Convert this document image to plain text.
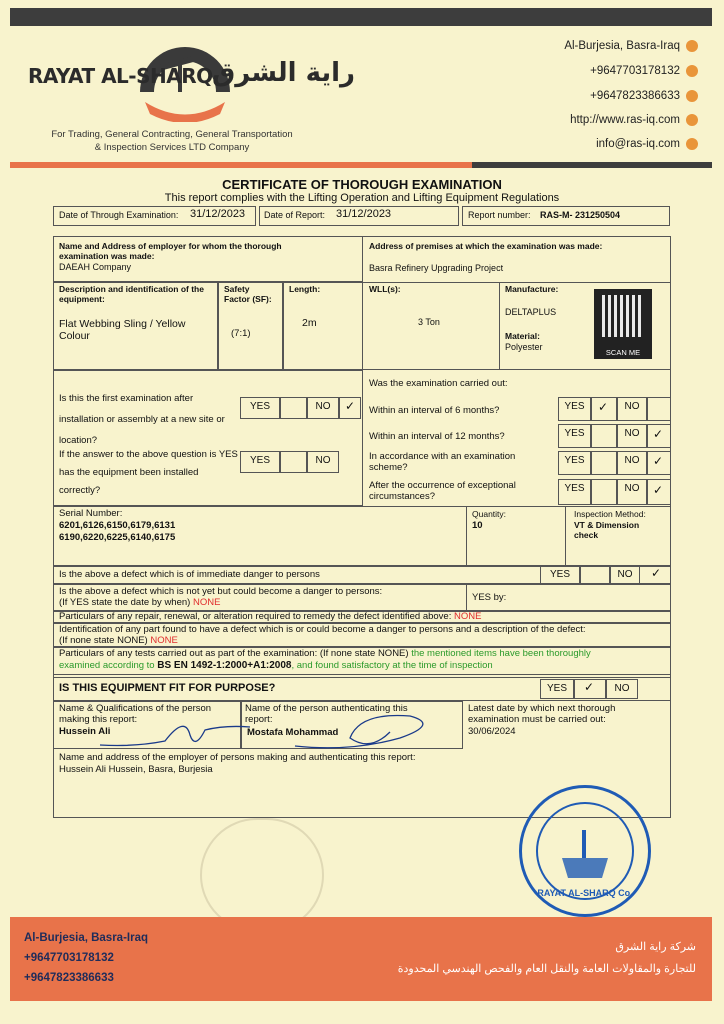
RAYAT AL-SHARQ راية الشرق
For Trading, General Contracting, General Transportation
& Inspection Services LTD Company
Al-Burjesia, Basra-Iraq
+9647703178132
+9647823386633
http://www.ras-iq.com
info@ras-iq.com
CERTIFICATE OF THOROUGH EXAMINATION
This report complies with the Lifting Operation and Lifting Equipment Regulations
Date of Through Examination: 31/12/2023 Date of Report: 31/12/2023	Report number: RAS-M- 231250504
Name and Address of employer for whom the thorough examination was made:
DAEAH Company
Address of premises at which the examination was made:
Basra Refinery Upgrading Project
Description and identification of the equipment:
Flat Webbing Sling / Yellow Colour
Safety Factor (SF):
(7:1)
Length:
2m
WLL(s):
3 Ton
Manufacture:
DELTAPLUS
Material:
Polyester
SCAN ME
Is this the first examination after installation or assembly at a new site or location?
YES	NO	✓
If the answer to the above question is YES has the equipment been installed correctly?
YES	NO
Was the examination carried out:
Within an interval of 6 months?	YES	✓	NO
Within an interval of 12 months?	YES	NO	✓
In accordance with an examination scheme?
YES	NO	✓
After the occurrence of exceptional circumstances?
YES	NO	✓
Serial Number:
6201,6126,6150,6179,6131
6190,6220,6225,6140,6175
Quantity:
10
Inspection Method:
VT & Dimension check
Is the above a defect which is of immediate danger to persons	YES	NO	✓
Is the above a defect which is not yet but could become a danger to persons:
(If YES state the date by when) NONE	YES by:
Particulars of any repair, renewal, or alteration required to remedy the defect identified above: NONE
Identification of any part found to have a defect which is or could become a danger to persons and a description of the defect:
(If none state NONE) NONE
Particulars of any tests carried out as part of the examination: (If none state NONE) the mentioned items have been thoroughly
examined according to BS EN 1492-1:2000+A1:2008, and found satisfactory at the time of inspection
IS THIS EQUIPMENT FIT FOR PURPOSE?	YES	✓	NO
Name & Qualifications of the person making this report:
Hussein Ali
Name of the person authenticating this report:
Mostafa Mohammad
Latest date by which next thorough examination must be carried out:
30/06/2024
Name and address of the employer of persons making and authenticating this report:
Hussein Ali Hussein, Basra, Burjesia
RAYAT AL-SHARQ Co.
Al-Burjesia, Basra-Iraq
+9647703178132
+9647823386633
شركة راية الشرق
للتجارة والمقاولات العامة والنقل العام والفحص الهندسي المحدودة
